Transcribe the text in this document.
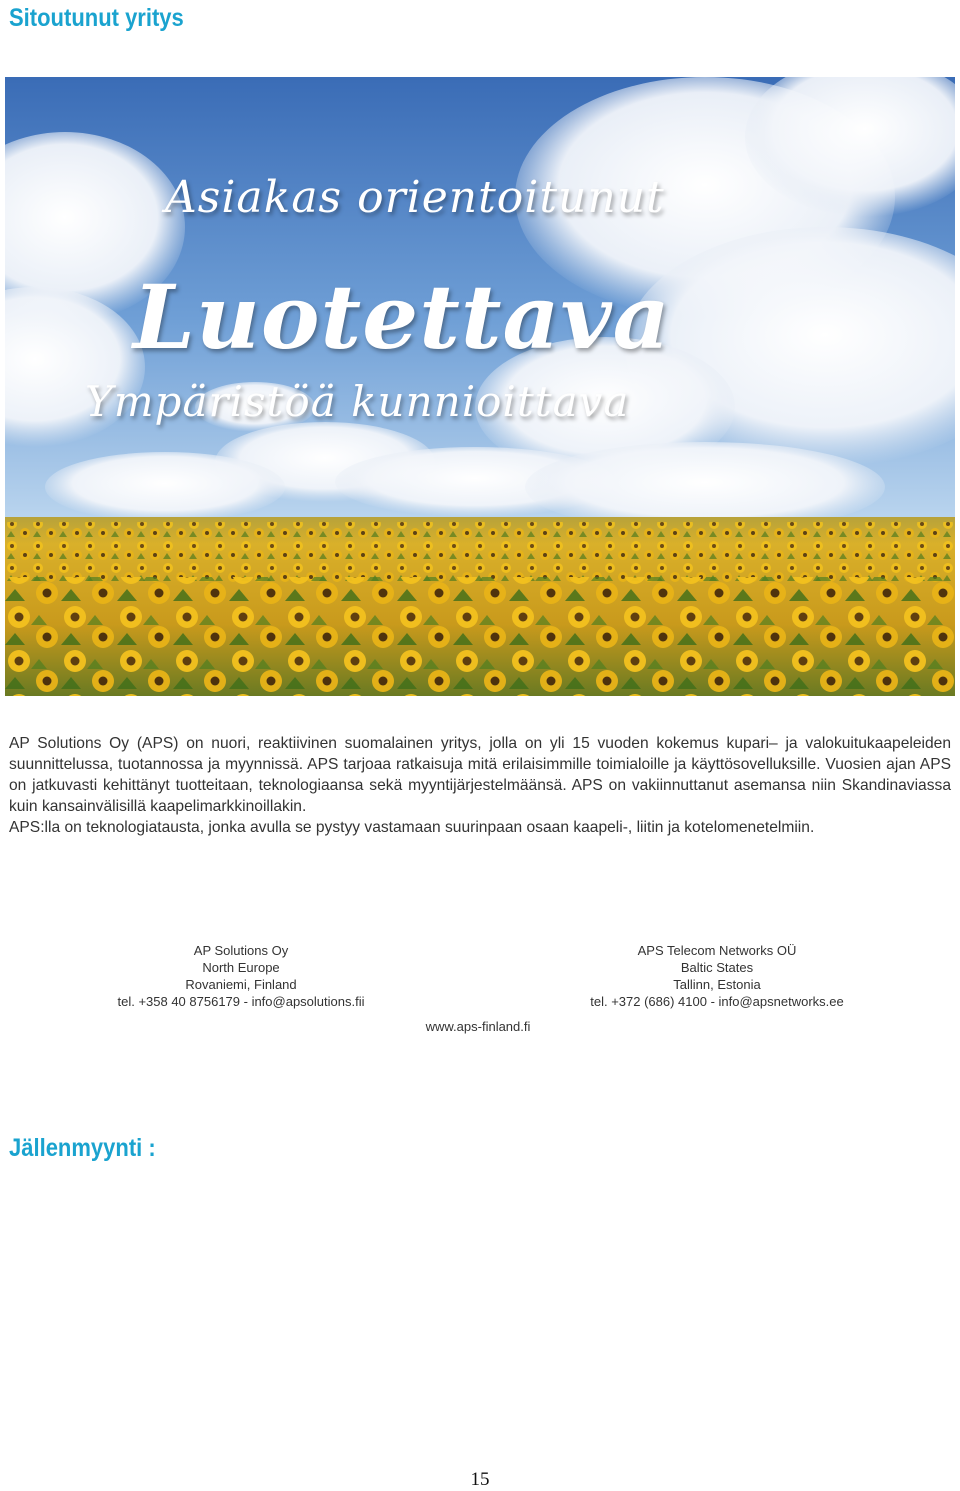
Sitoutunut yritys
Asiakas orientoitunut
Luotettava
Ympäristöä kunnioittava

AP Solutions Oy (APS) on nuori, reaktiivinen suomalainen yritys, jolla on yli 15 vuoden kokemus kupari– ja valokuitukaapeleiden suunnittelussa, tuotannossa ja myynnissä. APS tarjoaa ratkaisuja mitä erilaisimmille toimialoille ja käyttösovelluksille. Vuosien ajan APS on jatkuvasti kehittänyt tuotteitaan, teknologiaansa sekä myyntijärjestelmäänsä. APS on vakiinnuttanut asemansa niin Skandinaviassa kuin kansainvälisillä kaapelimarkkinoillakin.

APS:lla on teknologiatausta, jonka avulla se pystyy vastamaan suurinpaan osaan kaapeli-, liitin ja kotelomenetelmiin.

AP Solutions Oy
North Europe
Rovaniemi, Finland
tel. +358 40 8756179 - info@apsolutions.fii
APS Telecom Networks OÜ
Baltic States
Tallinn, Estonia
tel. +372 (686) 4100 - info@apsnetworks.ee
www.aps-finland.fi
Jällenmyynti :
15
